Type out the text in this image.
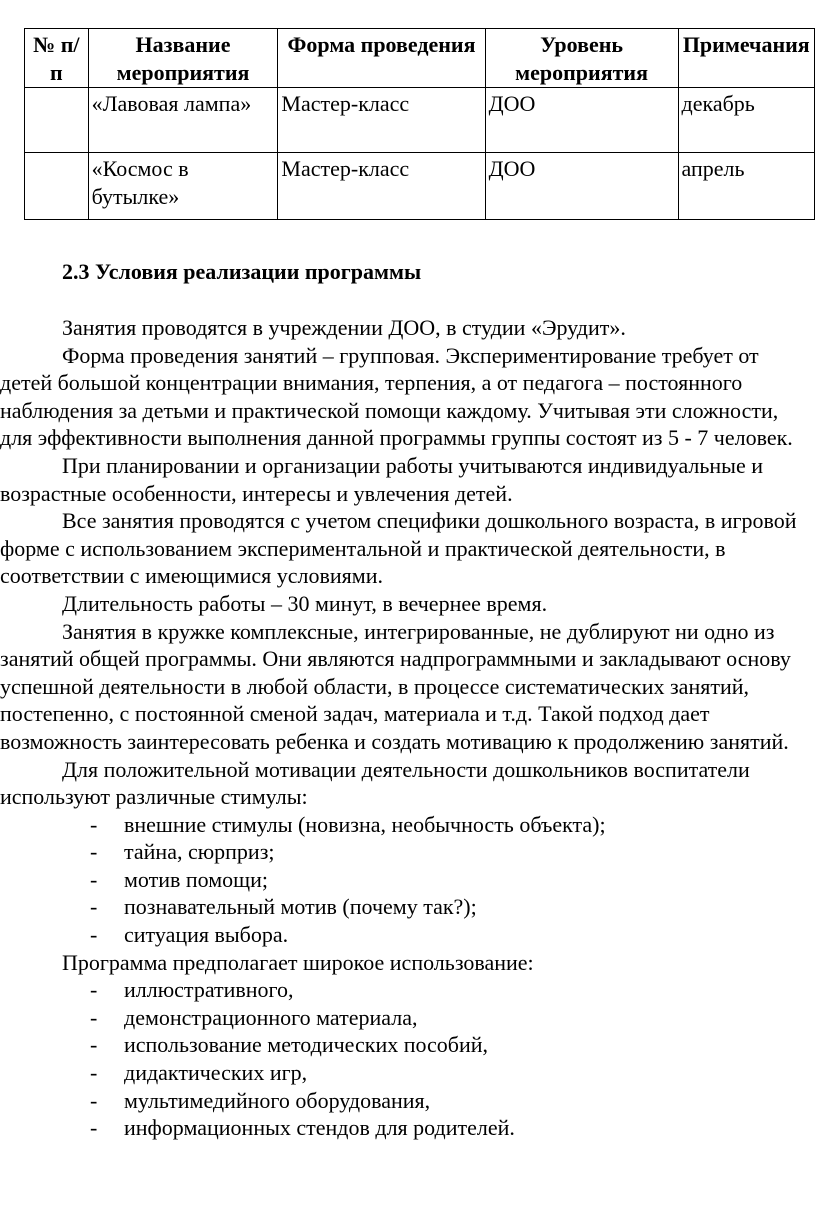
№ п/п	Название мероприятия	Форма проведения	Уровень мероприятия	Примечания
	«Лавовая лампа»	Мастер-класс	ДОО	декабрь
	«Космос в бутылке»	Мастер-класс	ДОО	апрель
2.3 Условия реализации программы

Занятия проводятся в учреждении ДОО, в студии «Эрудит».

Форма проведения занятий – групповая. Экспериментирование требует от детей большой концентрации внимания, терпения, а от педагога – постоянного наблюдения за детьми и практической помощи каждому. Учитывая эти сложности, для эффективности выполнения данной программы группы состоят из 5 - 7 человек.

При планировании и организации работы учитываются индивидуальные и возрастные особенности, интересы и увлечения детей.

Все занятия проводятся с учетом специфики дошкольного возраста, в игровой форме с использованием экспериментальной и практической деятельности, в соответствии с имеющимися условиями.

Длительность работы – 30 минут, в вечернее время.

Занятия в кружке комплексные, интегрированные, не дублируют ни одно из занятий общей программы. Они являются надпрограммными и закладывают основу успешной деятельности в любой области, в процессе систематических занятий, постепенно, с постоянной сменой задач, материала и т.д. Такой подход дает возможность заинтересовать ребенка и создать мотивацию к продолжению занятий.

Для положительной мотивации деятельности дошкольников воспитатели используют различные стимулы:

- внешние стимулы (новизна, необычность объекта);
- тайна, сюрприз;
- мотив помощи;
- познавательный мотив (почему так?);
- ситуация выбора.

Программа предполагает широкое использование:

- иллюстративного,
- демонстрационного материала,
- использование методических пособий,
- дидактических игр,
- мультимедийного оборудования,
- информационных стендов для родителей.
